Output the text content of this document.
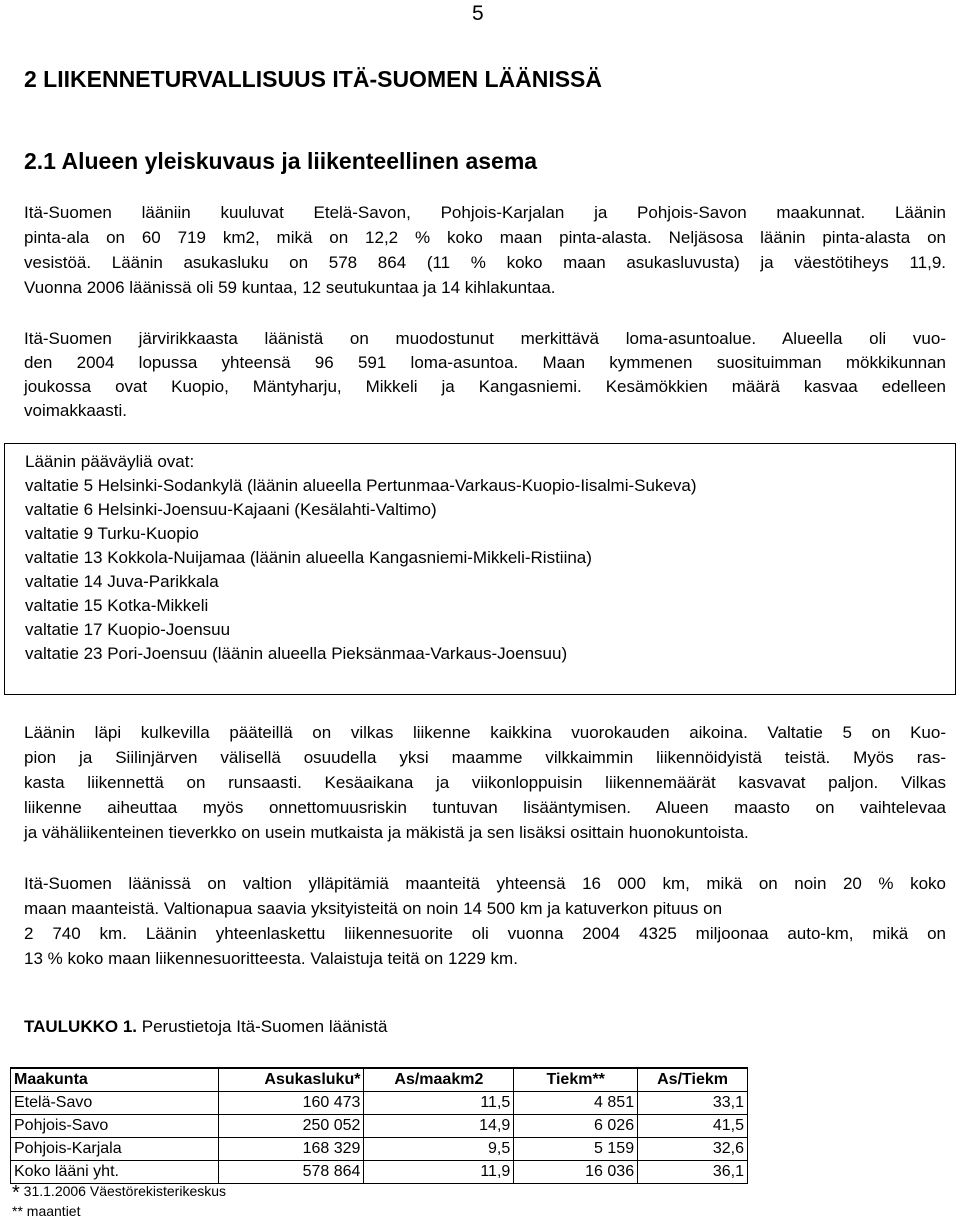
5
2 LIIKENNETURVALLISUUS ITÄ-SUOMEN LÄÄNISSÄ
2.1 Alueen yleiskuvaus ja liikenteellinen asema
Itä-Suomen lääniin kuuluvat Etelä-Savon, Pohjois-Karjalan ja Pohjois-Savon maakunnat. Läänin
pinta-ala on 60 719 km2, mikä on 12,2 % koko maan pinta-alasta. Neljäsosa läänin pinta-alasta on
vesistöä. Läänin asukasluku on 578 864 (11 % koko maan asukasluvusta) ja väestötiheys 11,9.
Vuonna 2006 läänissä oli 59 kuntaa, 12 seutukuntaa ja 14 kihlakuntaa.
Itä-Suomen järvirikkaasta läänistä on muodostunut merkittävä loma-asuntoalue. Alueella oli vuo-
den 2004 lopussa yhteensä 96 591 loma-asuntoa. Maan kymmenen suosituimman mökkikunnan
joukossa ovat Kuopio, Mäntyharju, Mikkeli ja Kangasniemi. Kesämökkien määrä kasvaa edelleen
voimakkaasti.
Läänin pääväyliä ovat:
valtatie 5 Helsinki-Sodankylä (läänin alueella Pertunmaa-Varkaus-Kuopio-Iisalmi-Sukeva)
valtatie 6 Helsinki-Joensuu-Kajaani (Kesälahti-Valtimo)
valtatie 9 Turku-Kuopio
valtatie 13 Kokkola-Nuijamaa (läänin alueella Kangasniemi-Mikkeli-Ristiina)
valtatie 14 Juva-Parikkala
valtatie 15 Kotka-Mikkeli
valtatie 17 Kuopio-Joensuu
valtatie 23 Pori-Joensuu (läänin alueella Pieksänmaa-Varkaus-Joensuu)
Läänin läpi kulkevilla pääteillä on vilkas liikenne kaikkina vuorokauden aikoina. Valtatie 5 on Kuo-
pion ja Siilinjärven välisellä osuudella yksi maamme vilkkaimmin liikennöidyistä teistä. Myös ras-
kasta liikennettä on runsaasti. Kesäaikana ja viikonloppuisin liikennemäärät kasvavat paljon. Vilkas
liikenne aiheuttaa myös onnettomuusriskin tuntuvan lisääntymisen. Alueen maasto on vaihtelevaa
ja vähäliikenteinen tieverkko on usein mutkaista ja mäkistä ja sen lisäksi osittain huonokuntoista.
Itä-Suomen läänissä on valtion ylläpitämiä maanteitä yhteensä 16 000 km, mikä on noin 20 % koko
maan maanteistä. Valtionapua saavia yksityisteitä on noin 14 500 km ja katuverkon pituus on
2 740 km. Läänin yhteenlaskettu liikennesuorite oli vuonna 2004 4325 miljoonaa auto-km, mikä on
13 % koko maan liikennesuoritteesta. Valaistuja teitä on 1229 km.
TAULUKKO 1. Perustietoja Itä-Suomen läänistä
Maakunta	Asukasluku*	As/maakm2	Tiekm**	As/Tiekm
Etelä-Savo	160 473	11,5	4 851	33,1
Pohjois-Savo	250 052	14,9	6 026	41,5
Pohjois-Karjala	168 329	9,5	5 159	32,6
Koko lääni yht.	578 864	11,9	16 036	36,1
* 31.1.2006 Väestörekisterikeskus
** maantiet
